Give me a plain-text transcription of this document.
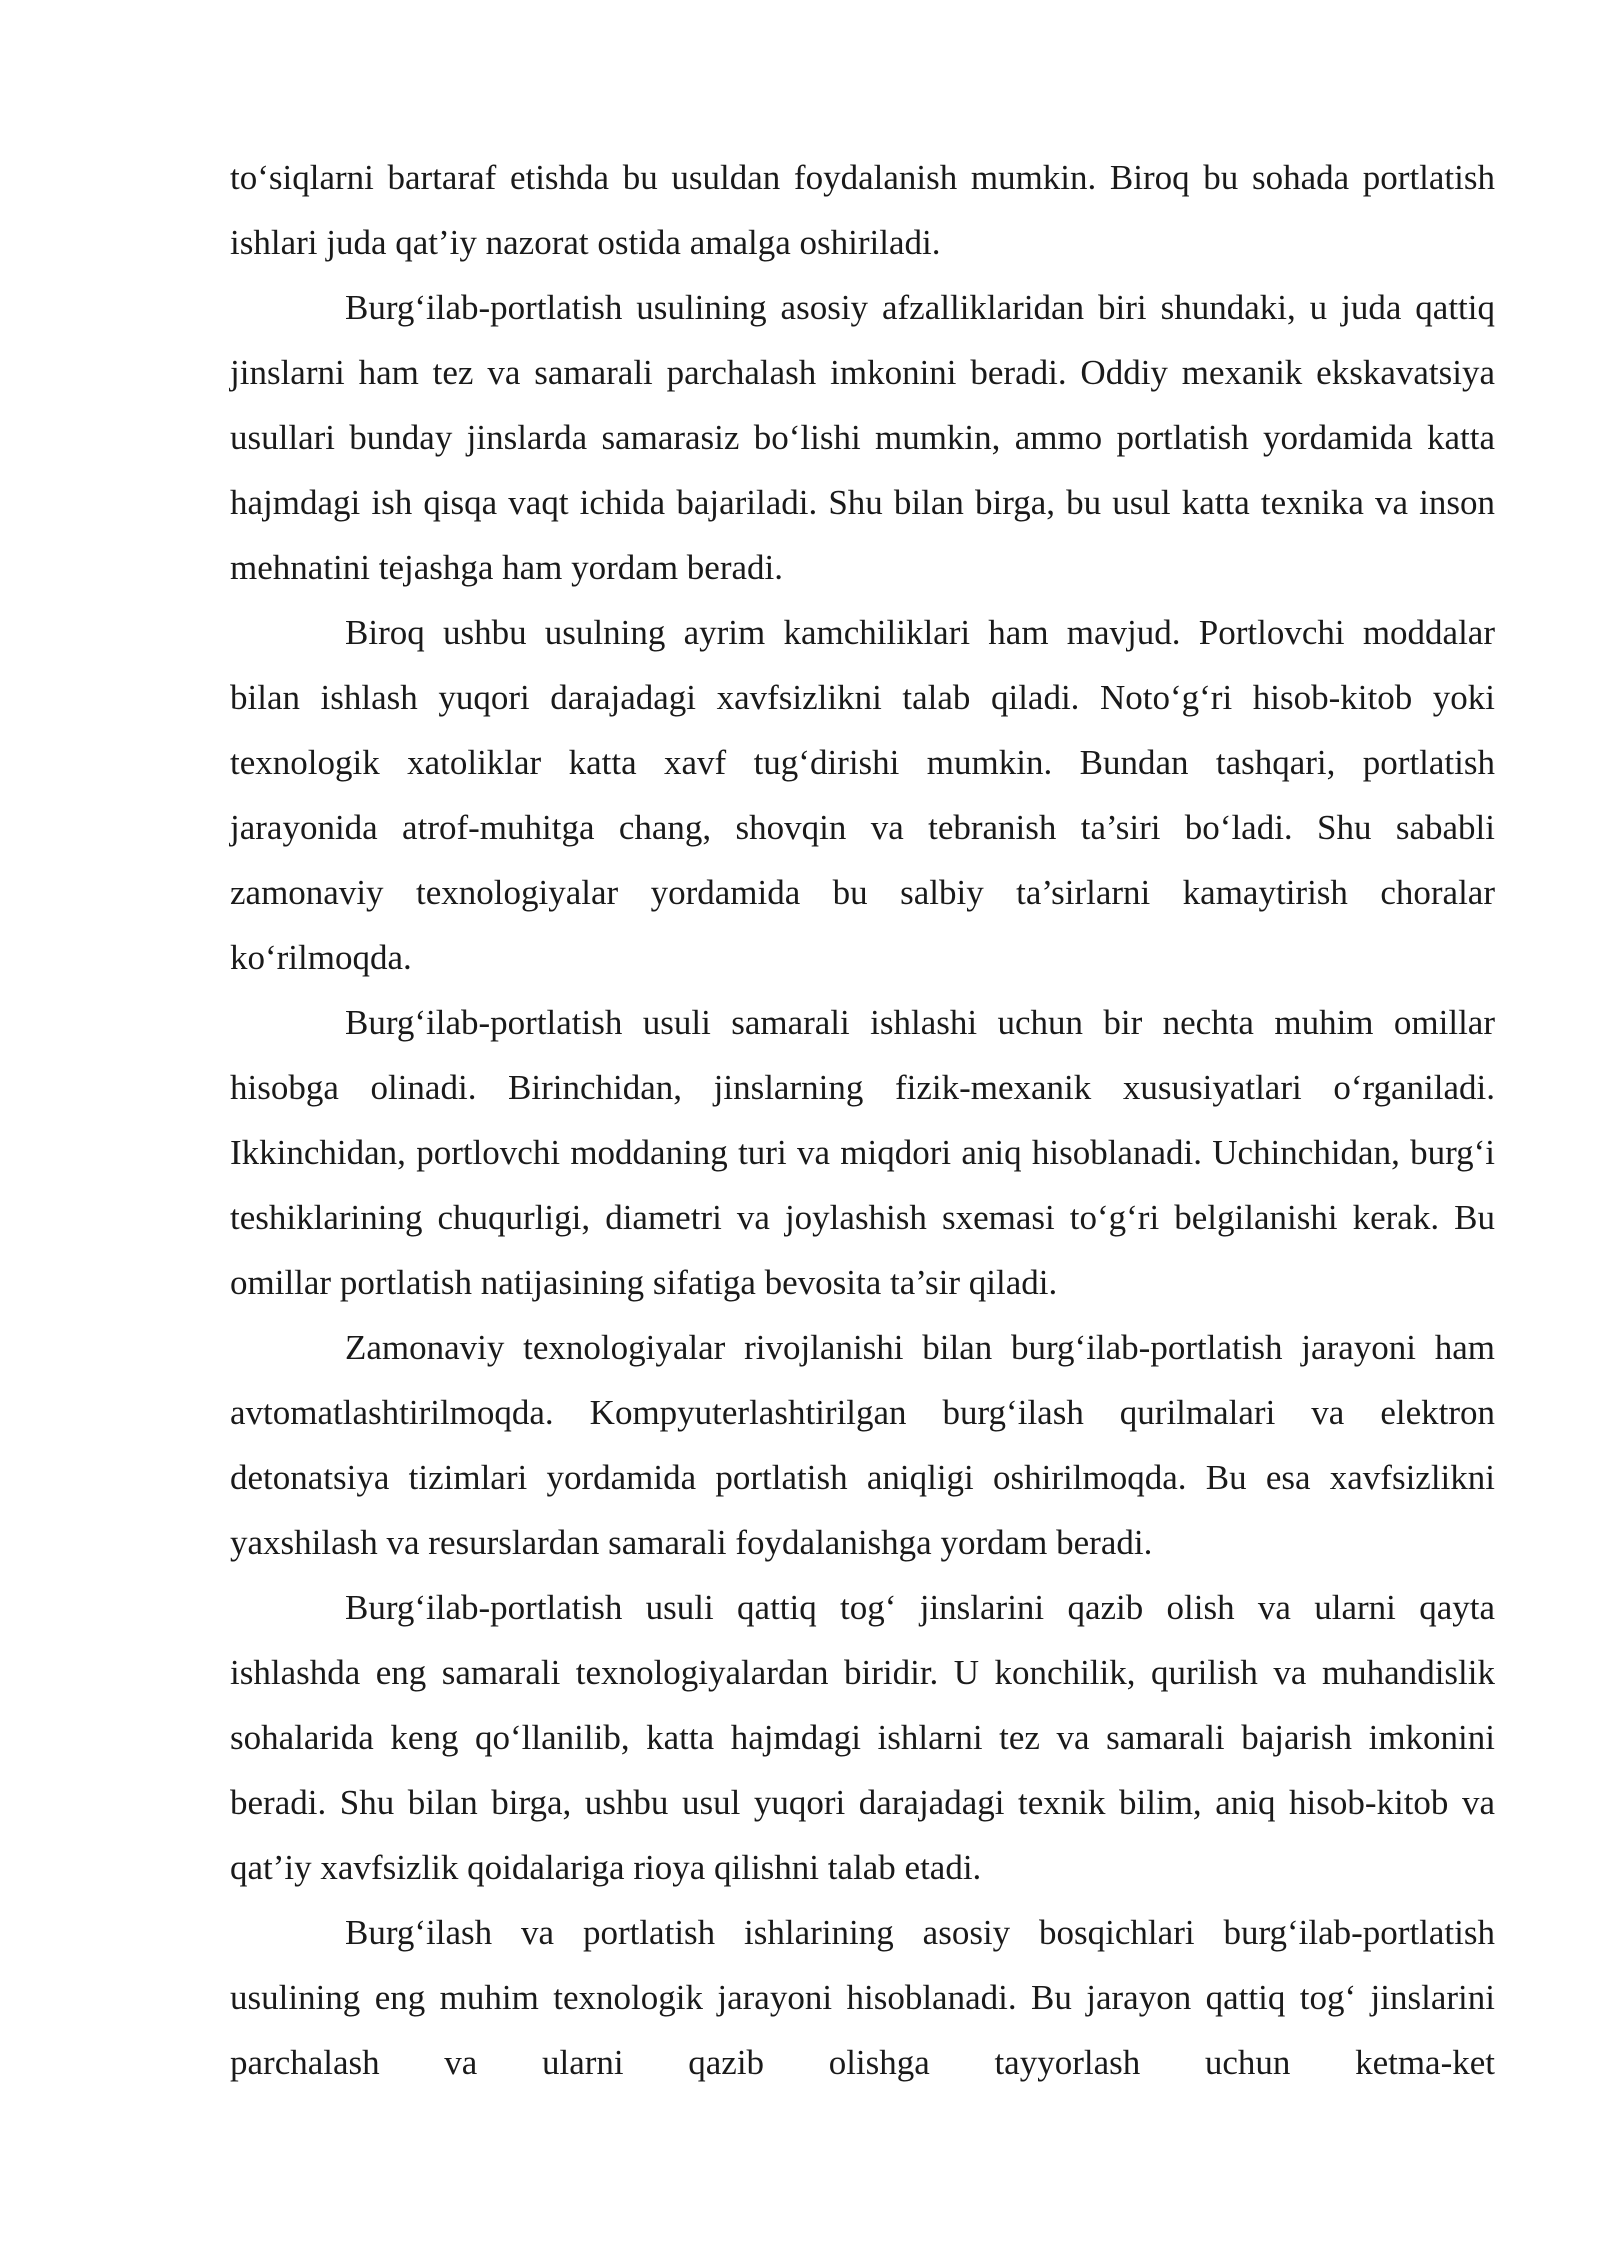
to‘siqlarni bartaraf etishda bu usuldan foydalanish mumkin. Biroq bu sohada portlatish ishlari juda qat’iy nazorat ostida amalga oshiriladi.

Burg‘ilab-portlatish usulining asosiy afzalliklaridan biri shundaki, u juda qattiq jinslarni ham tez va samarali parchalash imkonini beradi. Oddiy mexanik ekskavatsiya usullari bunday jinslarda samarasiz bo‘lishi mumkin, ammo portlatish yordamida katta hajmdagi ish qisqa vaqt ichida bajariladi. Shu bilan birga, bu usul katta texnika va inson mehnatini tejashga ham yordam beradi.

Biroq ushbu usulning ayrim kamchiliklari ham mavjud. Portlovchi moddalar bilan ishlash yuqori darajadagi xavfsizlikni talab qiladi. Noto‘g‘ri hisob-kitob yoki texnologik xatoliklar katta xavf tug‘dirishi mumkin. Bundan tashqari, portlatish jarayonida atrof-muhitga chang, shovqin va tebranish ta’siri bo‘ladi. Shu sababli zamonaviy texnologiyalar yordamida bu salbiy ta’sirlarni kamaytirish choralar ko‘rilmoqda.

Burg‘ilab-portlatish usuli samarali ishlashi uchun bir nechta muhim omillar hisobga olinadi. Birinchidan, jinslarning fizik-mexanik xususiyatlari o‘rganiladi. Ikkinchidan, portlovchi moddaning turi va miqdori aniq hisoblanadi. Uchinchidan, burg‘i teshiklarining chuqurligi, diametri va joylashish sxemasi to‘g‘ri belgilanishi kerak. Bu omillar portlatish natijasining sifatiga bevosita ta’sir qiladi.

Zamonaviy texnologiyalar rivojlanishi bilan burg‘ilab-portlatish jarayoni ham avtomatlashtirilmoqda. Kompyuterlashtirilgan burg‘ilash qurilmalari va elektron detonatsiya tizimlari yordamida portlatish aniqligi oshirilmoqda. Bu esa xavfsizlikni yaxshilash va resurslardan samarali foydalanishga yordam beradi.

Burg‘ilab-portlatish usuli qattiq tog‘ jinslarini qazib olish va ularni qayta ishlashda eng samarali texnologiyalardan biridir. U konchilik, qurilish va muhandislik sohalarida keng qo‘llanilib, katta hajmdagi ishlarni tez va samarali bajarish imkonini beradi. Shu bilan birga, ushbu usul yuqori darajadagi texnik bilim, aniq hisob-kitob va qat’iy xavfsizlik qoidalariga rioya qilishni talab etadi.

Burg‘ilash va portlatish ishlarining asosiy bosqichlari burg‘ilab-portlatish usulining eng muhim texnologik jarayoni hisoblanadi. Bu jarayon qattiq tog‘ jinslarini parchalash va ularni qazib olishga tayyorlash uchun ketma-ket
